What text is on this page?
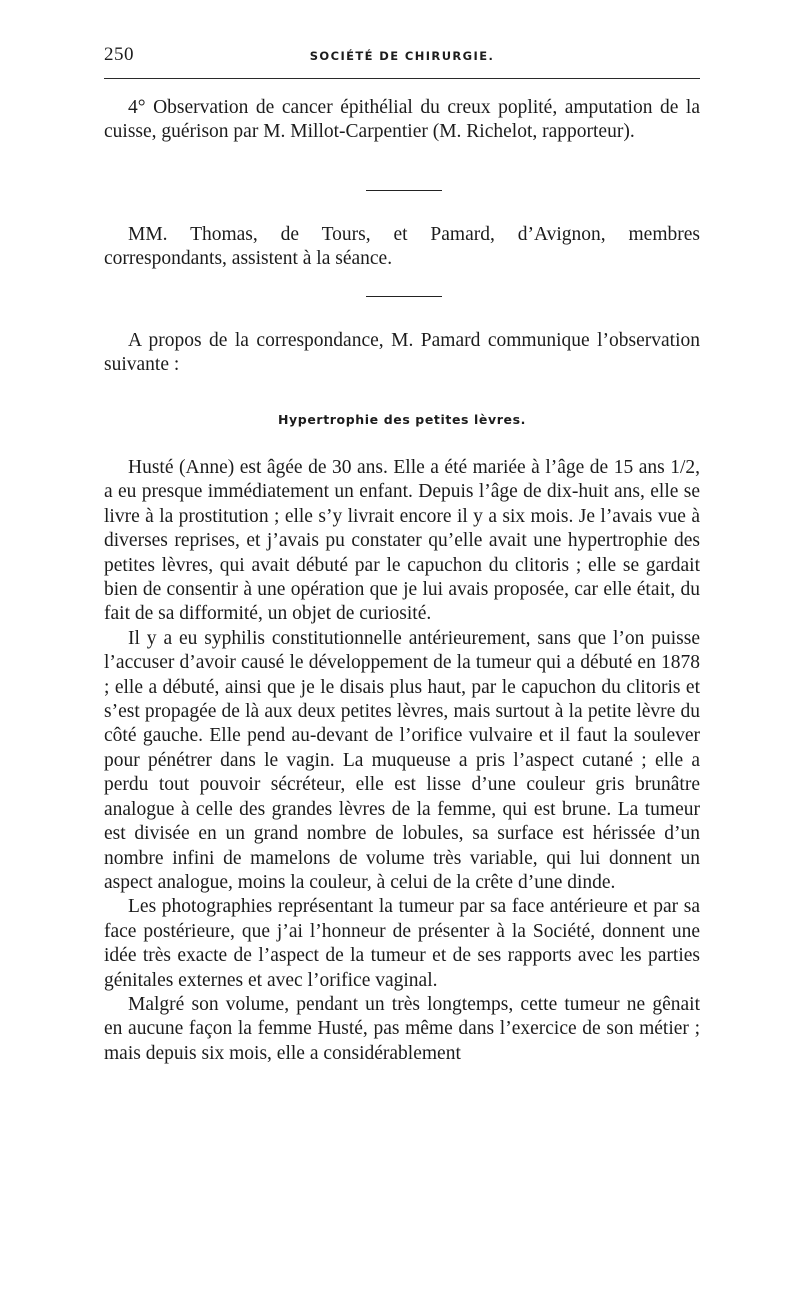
250	SOCIÉTÉ DE CHIRURGIE.

4° Observation de cancer épithélial du creux poplité, amputation de la cuisse, guérison par M. Millot-Carpentier (M. Richelot, rapporteur).

MM. Thomas, de Tours, et Pamard, d’Avignon, membres correspondants, assistent à la séance.

A propos de la correspondance, M. Pamard communique l’observation suivante :

Hypertrophie des petites lèvres.

Husté (Anne) est âgée de 30 ans. Elle a été mariée à l’âge de 15 ans 1/2, a eu presque immédiatement un enfant. Depuis l’âge de dix-huit ans, elle se livre à la prostitution ; elle s’y livrait encore il y a six mois. Je l’avais vue à diverses reprises, et j’avais pu constater qu’elle avait une hypertrophie des petites lèvres, qui avait débuté par le capuchon du clitoris ; elle se gardait bien de consentir à une opération que je lui avais proposée, car elle était, du fait de sa difformité, un objet de curiosité.

Il y a eu syphilis constitutionnelle antérieurement, sans que l’on puisse l’accuser d’avoir causé le développement de la tumeur qui a débuté en 1878 ; elle a débuté, ainsi que je le disais plus haut, par le capuchon du clitoris et s’est propagée de là aux deux petites lèvres, mais surtout à la petite lèvre du côté gauche. Elle pend au-devant de l’orifice vulvaire et il faut la soulever pour pénétrer dans le vagin. La muqueuse a pris l’aspect cutané ; elle a perdu tout pouvoir sécréteur, elle est lisse d’une couleur gris brunâtre analogue à celle des grandes lèvres de la femme, qui est brune. La tumeur est divisée en un grand nombre de lobules, sa surface est hérissée d’un nombre infini de mamelons de volume très variable, qui lui donnent un aspect analogue, moins la couleur, à celui de la crête d’une dinde.

Les photographies représentant la tumeur par sa face antérieure et par sa face postérieure, que j’ai l’honneur de présenter à la Société, donnent une idée très exacte de l’aspect de la tumeur et de ses rapports avec les parties génitales externes et avec l’orifice vaginal.

Malgré son volume, pendant un très longtemps, cette tumeur ne gênait en aucune façon la femme Husté, pas même dans l’exercice de son métier ; mais depuis six mois, elle a considérablement
